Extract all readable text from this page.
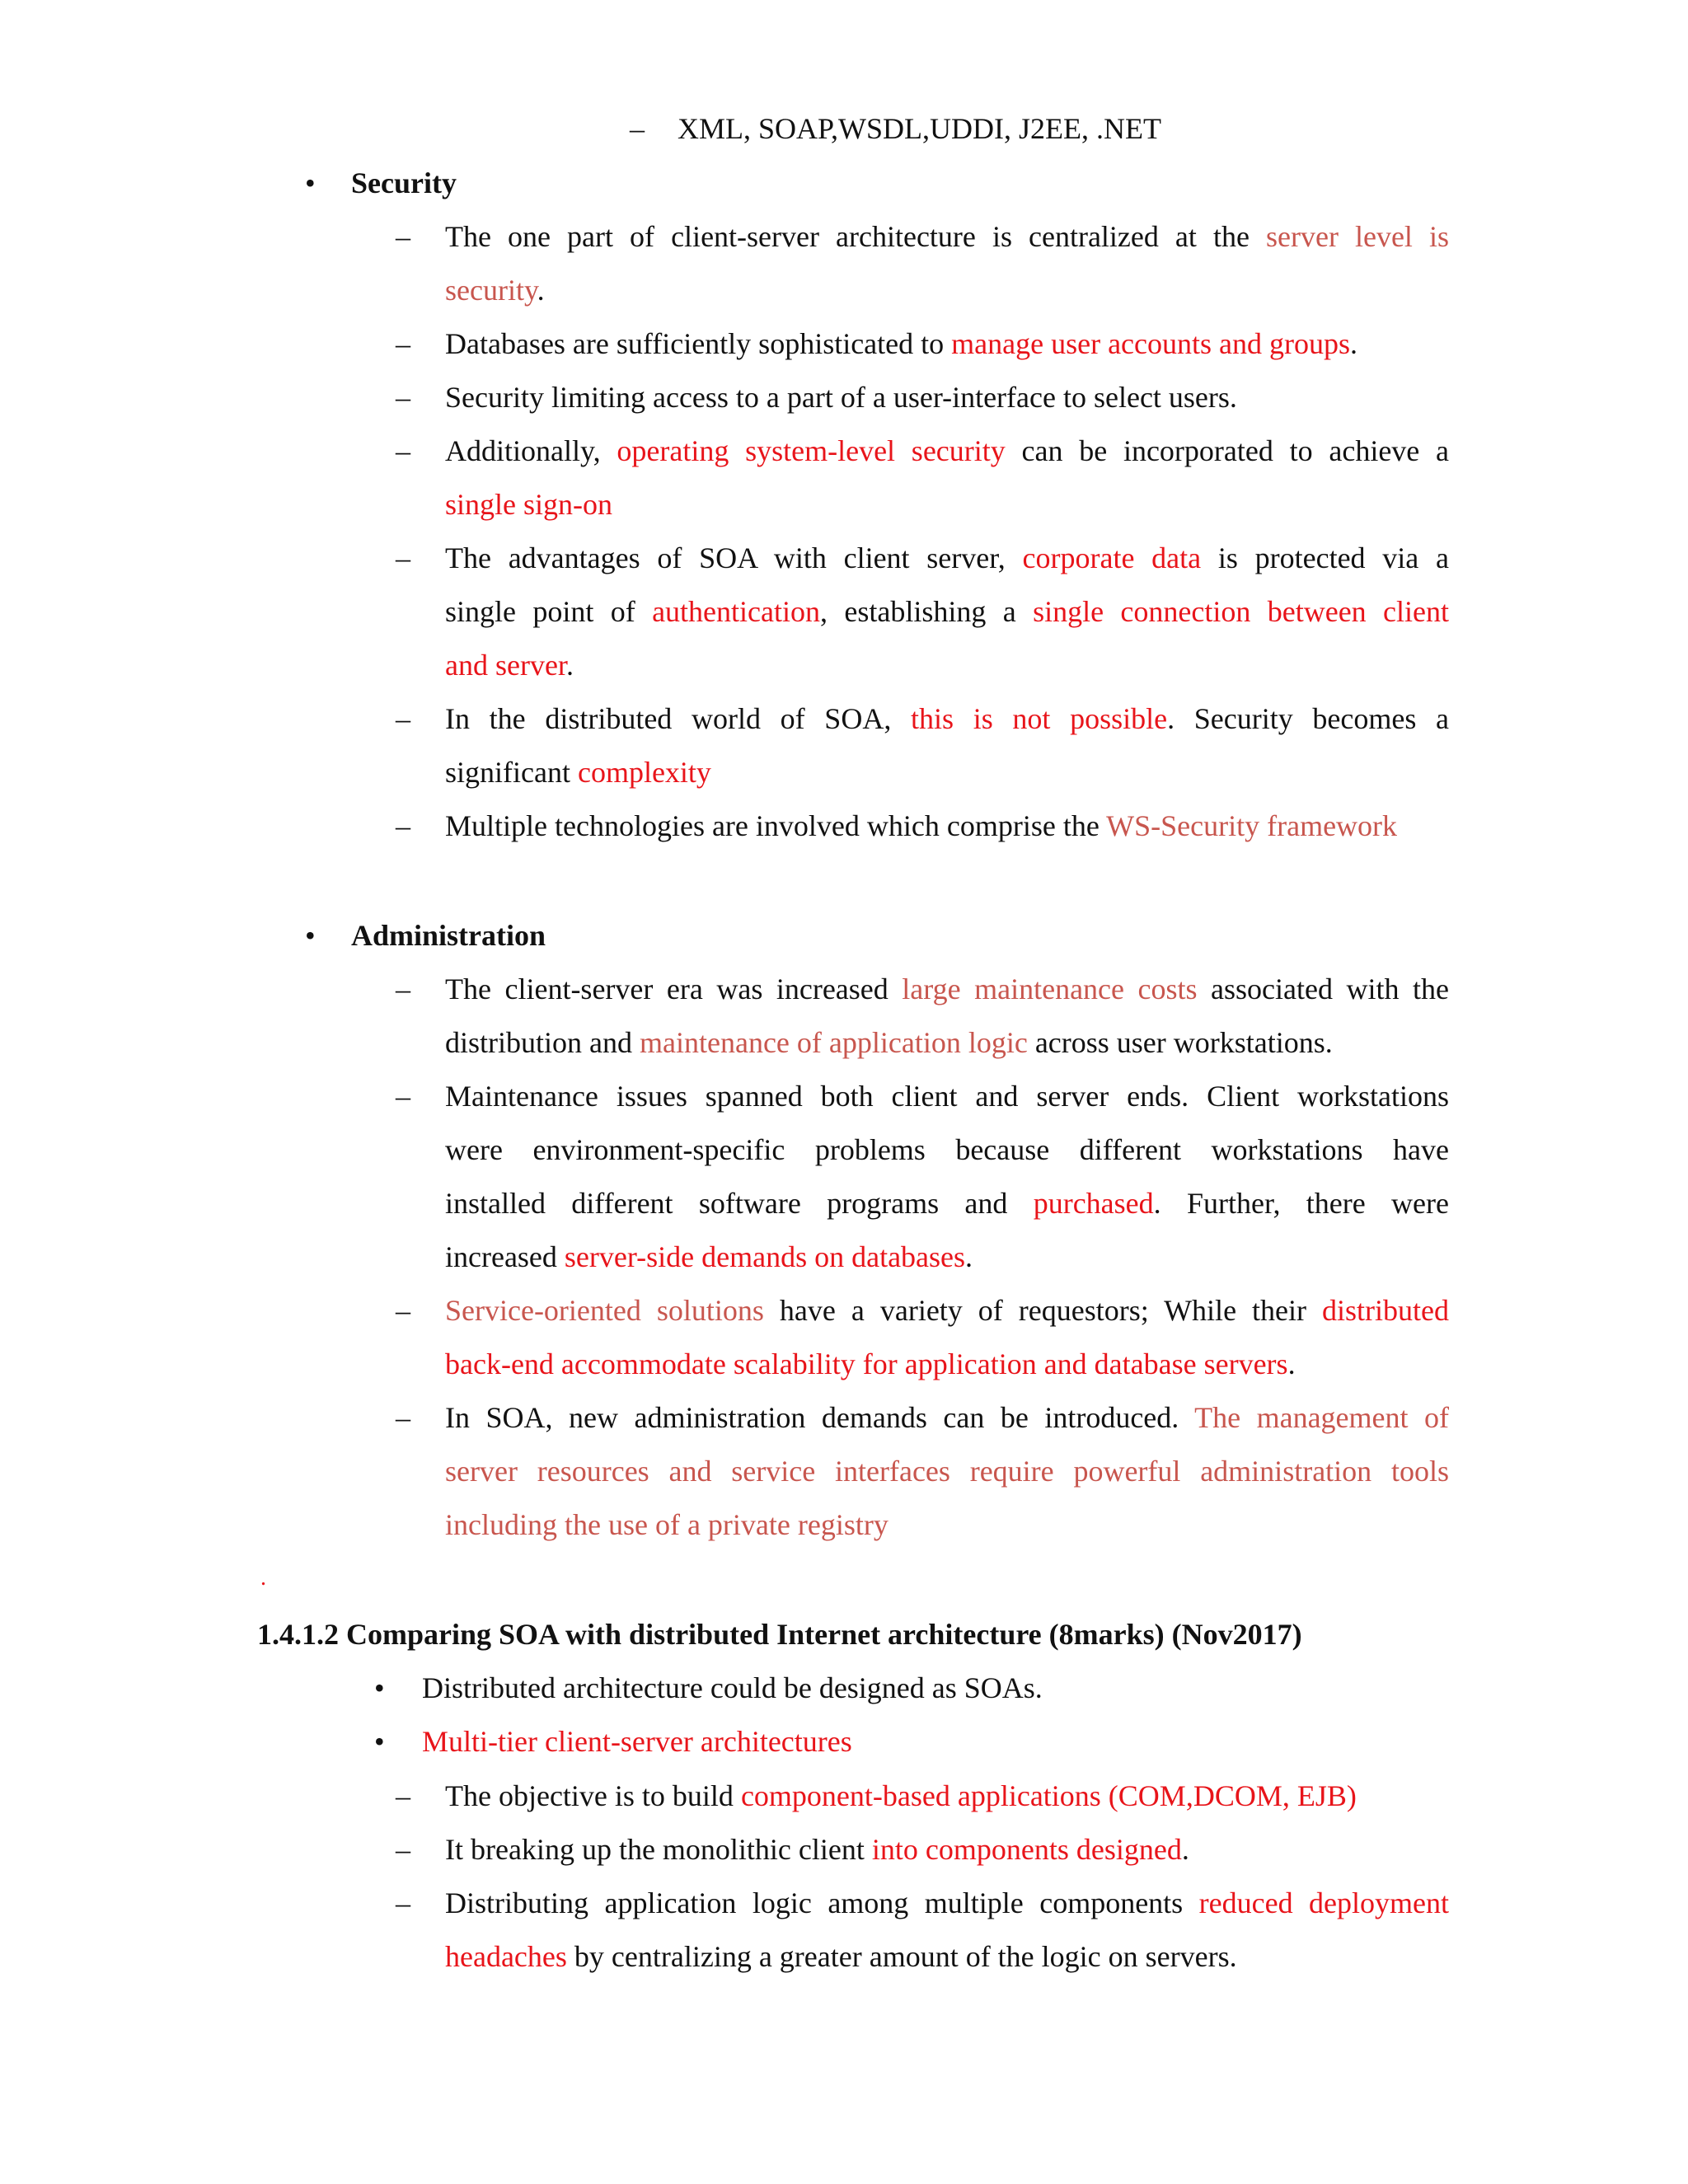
– XML, SOAP,WSDL,UDDI, J2EE, .NET
• Security
– The one part of client-server architecture is centralized at the server level is
security.
– Databases are sufficiently sophisticated to manage user accounts and groups.
– Security limiting access to a part of a user-interface to select users.
– Additionally, operating system-level security can be incorporated to achieve a
single sign-on
– The advantages of SOA with client server, corporate data is protected via a
single point of authentication, establishing a single connection between client
and server.
– In the distributed world of SOA, this is not possible. Security becomes a
significant complexity
– Multiple technologies are involved which comprise the WS-Security framework
• Administration
– The client-server era was increased large maintenance costs associated with the
distribution and maintenance of application logic across user workstations.
– Maintenance issues spanned both client and server ends. Client workstations
were environment-specific problems because different workstations have
installed different software programs and purchased. Further, there were
increased server-side demands on databases.
– Service-oriented solutions have a variety of requestors; While their distributed
back-end accommodate scalability for application and database servers.
– In SOA, new administration demands can be introduced. The management of
server resources and service interfaces require powerful administration tools
including the use of a private registry
.
1.4.1.2 Comparing SOA with distributed Internet architecture (8marks) (Nov2017)
• Distributed architecture could be designed as SOAs.
• Multi-tier client-server architectures
– The objective is to build component-based applications (COM,DCOM, EJB)
– It breaking up the monolithic client into components designed.
– Distributing application logic among multiple components reduced deployment
headaches by centralizing a greater amount of the logic on servers.
